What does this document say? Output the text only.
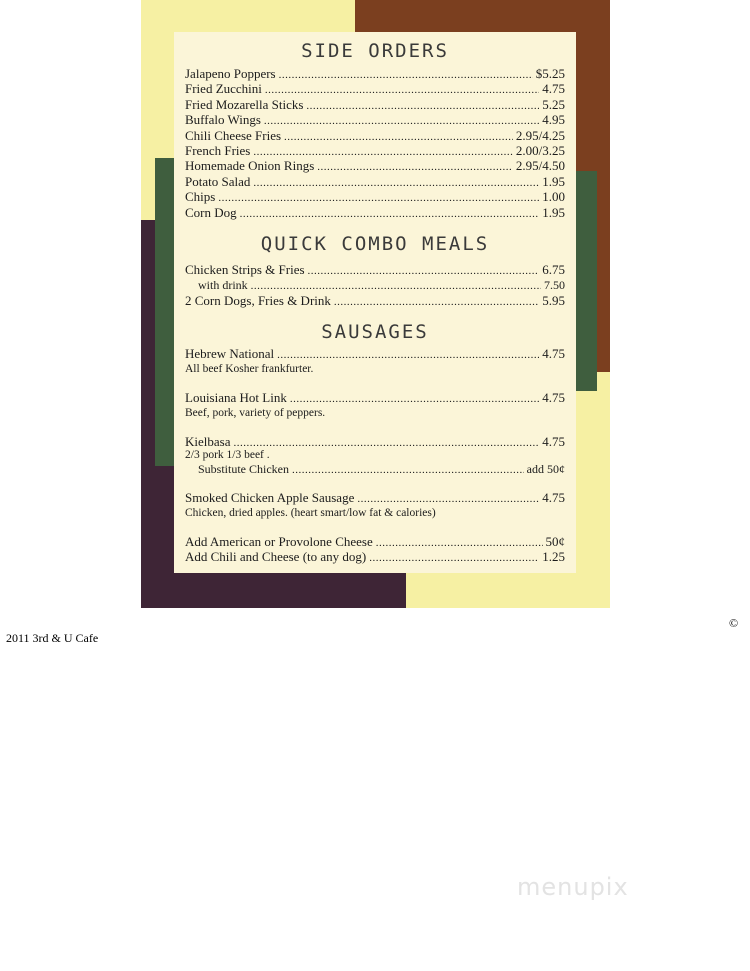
SIDE ORDERS
Jalapeno Poppers .....	$5.25
Fried Zucchini .....	4.75
Fried Mozarella Sticks .....	5.25
Buffalo Wings .....	4.95
Chili Cheese Fries .....	2.95/4.25
French Fries .....	2.00/3.25
Homemade Onion Rings .....	2.95/4.50
Potato Salad .....	1.95
Chips .....	1.00
Corn Dog .....	1.95
QUICK COMBO MEALS
Chicken Strips & Fries .....	6.75
with drink .....	7.50
2 Corn Dogs, Fries & Drink .....	5.95
SAUSAGES
Hebrew National .....	4.75
All beef Kosher frankfurter.
Louisiana Hot Link .....	4.75
Beef, pork, variety of peppers.
Kielbasa .....	4.75
2/3 pork 1/3 beef .
Substitute Chicken .....	add 50¢
Smoked Chicken Apple Sausage .....	4.75
Chicken, dried apples. (heart smart/low fat & calories)
Add American or Provolone Cheese .....	50¢
Add Chili and Cheese (to any dog) .....	1.25
©
2011 3rd & U Cafe
menupix
